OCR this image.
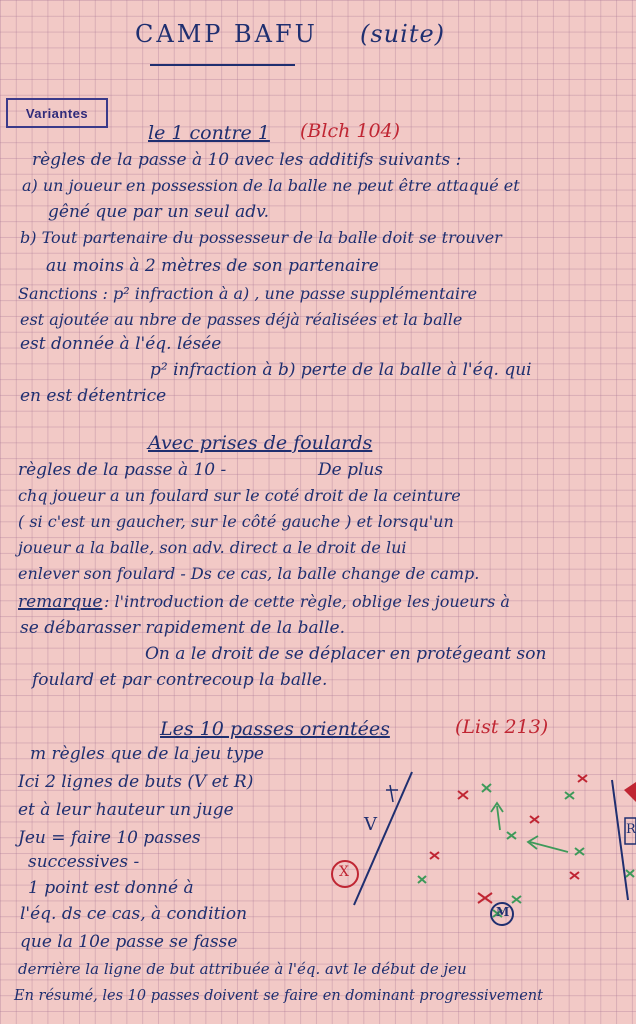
CAMP BAFU (suite)
Variantes
le 1 contre 1 (Blch 104)
règles de la passe à 10 avec les additifs suivants :
a) un joueur en possession de la balle ne peut être attaqué et
gêné que par un seul adv.
b) Tout partenaire du possesseur de la balle doit se trouver
au moins à 2 mètres de son partenaire
Sanctions : p² infraction à a) , une passe supplémentaire
est ajoutée au nbre de passes déjà réalisées et la balle
est donnée à l'éq. lésée
p² infraction à b) perte de la balle à l'éq. qui
en est détentrice
Avec prises de foulards
règles de la passe à 10 -	De plus
chq joueur a un foulard sur le coté droit de la ceinture
( si c'est un gaucher, sur le côté gauche ) et lorsqu'un
joueur a la balle, son adv. direct a le droit de lui
enlever son foulard - Ds ce cas, la balle change de camp.
remarque : l'introduction de cette règle, oblige les joueurs à
se débarasser rapidement de la balle.
On a le droit de se déplacer en protégeant son
foulard et par contrecoup la balle.
Les 10 passes orientées	(List 213)
m règles que de la jeu type
Ici 2 lignes de buts (V et R)
et à leur hauteur un juge
Jeu = faire 10 passes
successives -
1 point est donné à
l'éq. ds ce cas, à condition
que la 10e passe se fasse
derrière la ligne de but attribuée à l'éq. avt le début de jeu
En résumé, les 10 passes doivent se faire en dominant progressivement
V
X
M
R
